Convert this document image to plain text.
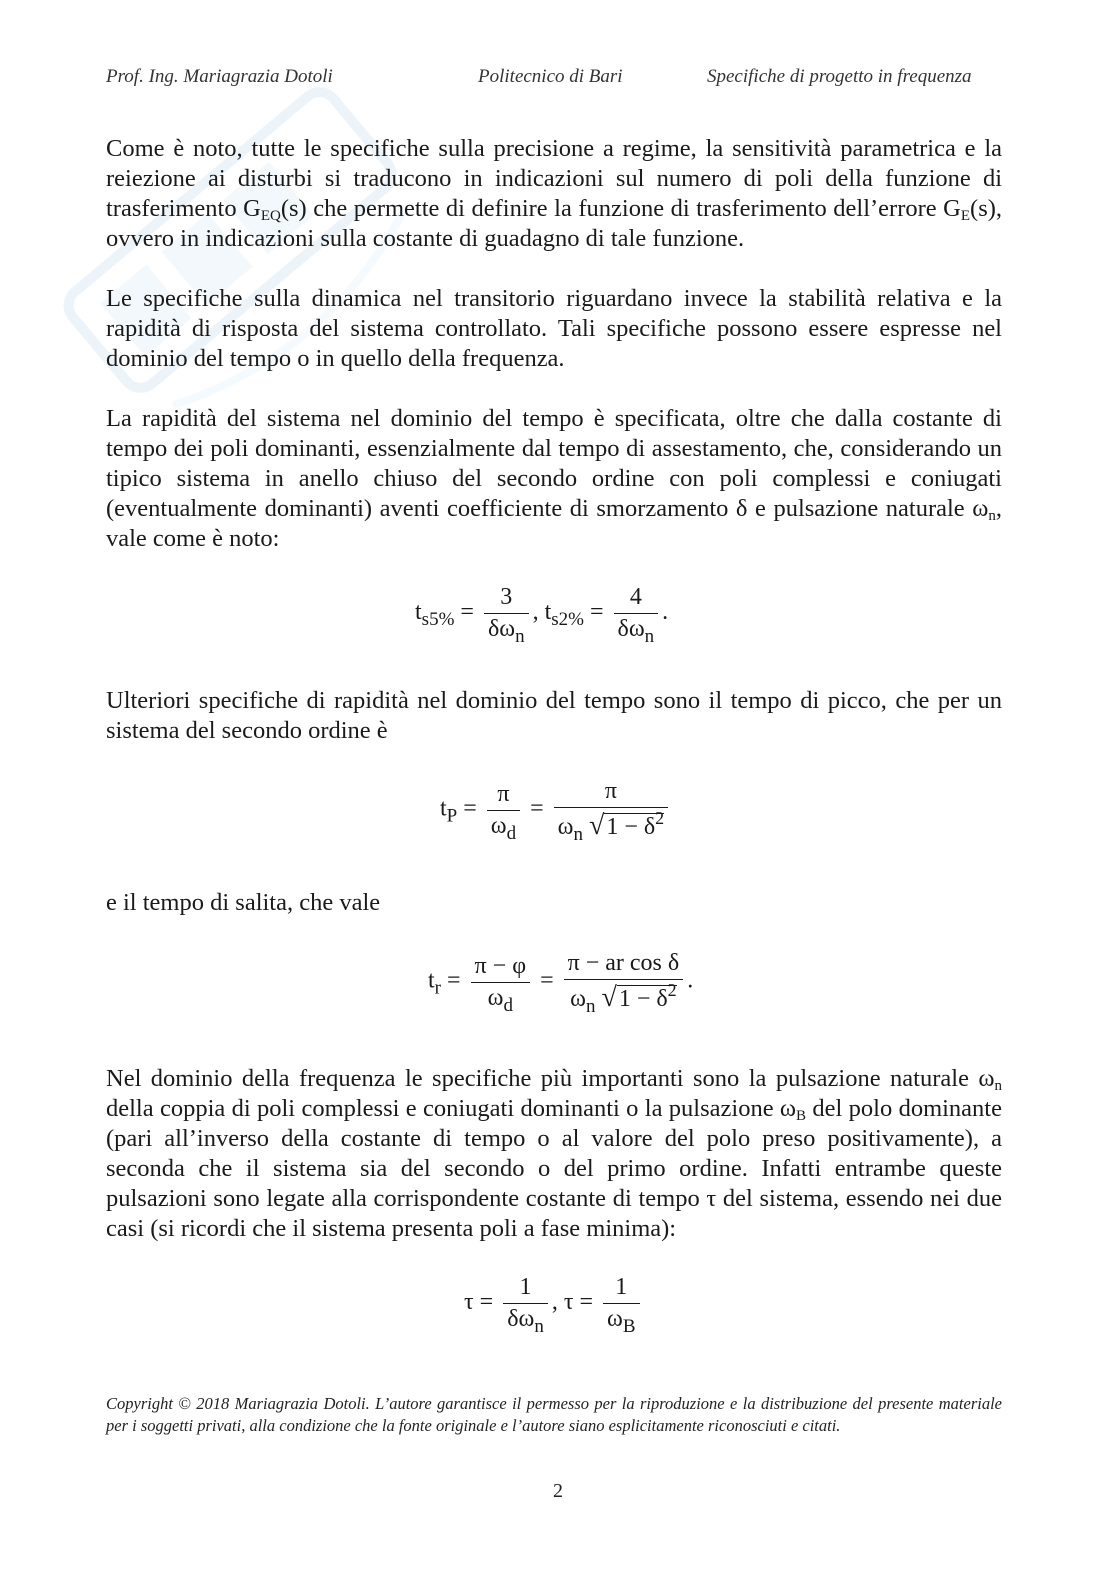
Prof. Ing. Mariagrazia Dotoli	Politecnico di Bari	Specifiche di progetto in frequenza
Come è noto, tutte le specifiche sulla precisione a regime, la sensitività parametrica e la reiezione ai disturbi si traducono in indicazioni sul numero di poli della funzione di trasferimento $G_{EQ}(s)$ che permette di definire la funzione di trasferimento dell’errore $G_E(s)$, ovvero in indicazioni sulla costante di guadagno di tale funzione.
Le specifiche sulla dinamica nel transitorio riguardano invece la stabilità relativa e la rapidità di risposta del sistema controllato. Tali specifiche possono essere espresse nel dominio del tempo o in quello della frequenza.
La rapidità del sistema nel dominio del tempo è specificata, oltre che dalla costante di tempo dei poli dominanti, essenzialmente dal tempo di assestamento, che, considerando un tipico sistema in anello chiuso del secondo ordine con poli complessi e coniugati (eventualmente dominanti) aventi coefficiente di smorzamento δ e pulsazione naturale $\omega_n$, vale come è noto:
$t_{s5\%} = \frac{3}{\delta\omega_n}$ , $t_{s2\%} = \frac{4}{\delta\omega_n}$ .
Ulteriori specifiche di rapidità nel dominio del tempo sono il tempo di picco, che per un sistema del secondo ordine è
$t_P = \frac{\pi}{\omega_d} = \frac{\pi}{\omega_n √1 - \delta^2}$
e il tempo di salita, che vale
$t_r = \frac{\pi - \varphi}{\omega_d} = \frac{\text{π − ar cos δ}}{\omega_n √1 - \delta^2}$ .
Nel dominio della frequenza le specifiche più importanti sono la pulsazione naturale $\omega_n$ della coppia di poli complessi e coniugati dominanti o la pulsazione $\omega_B$ del polo dominante (pari all’inverso della costante di tempo o al valore del polo preso positivamente), a seconda che il sistema sia del secondo o del primo ordine. Infatti entrambe queste pulsazioni sono legate alla corrispondente costante di tempo τ del sistema, essendo nei due casi (si ricordi che il sistema presenta poli a fase minima):
$\tau = \frac{1}{\delta\omega_n}$ , $\tau = \frac{1}{\omega_B}$
Copyright © 2018 Mariagrazia Dotoli. L’autore garantisce il permesso per la riproduzione e la distribuzione del presente materiale per i soggetti privati, alla condizione che la fonte originale e l’autore siano esplicitamente riconosciuti e citati.
2
